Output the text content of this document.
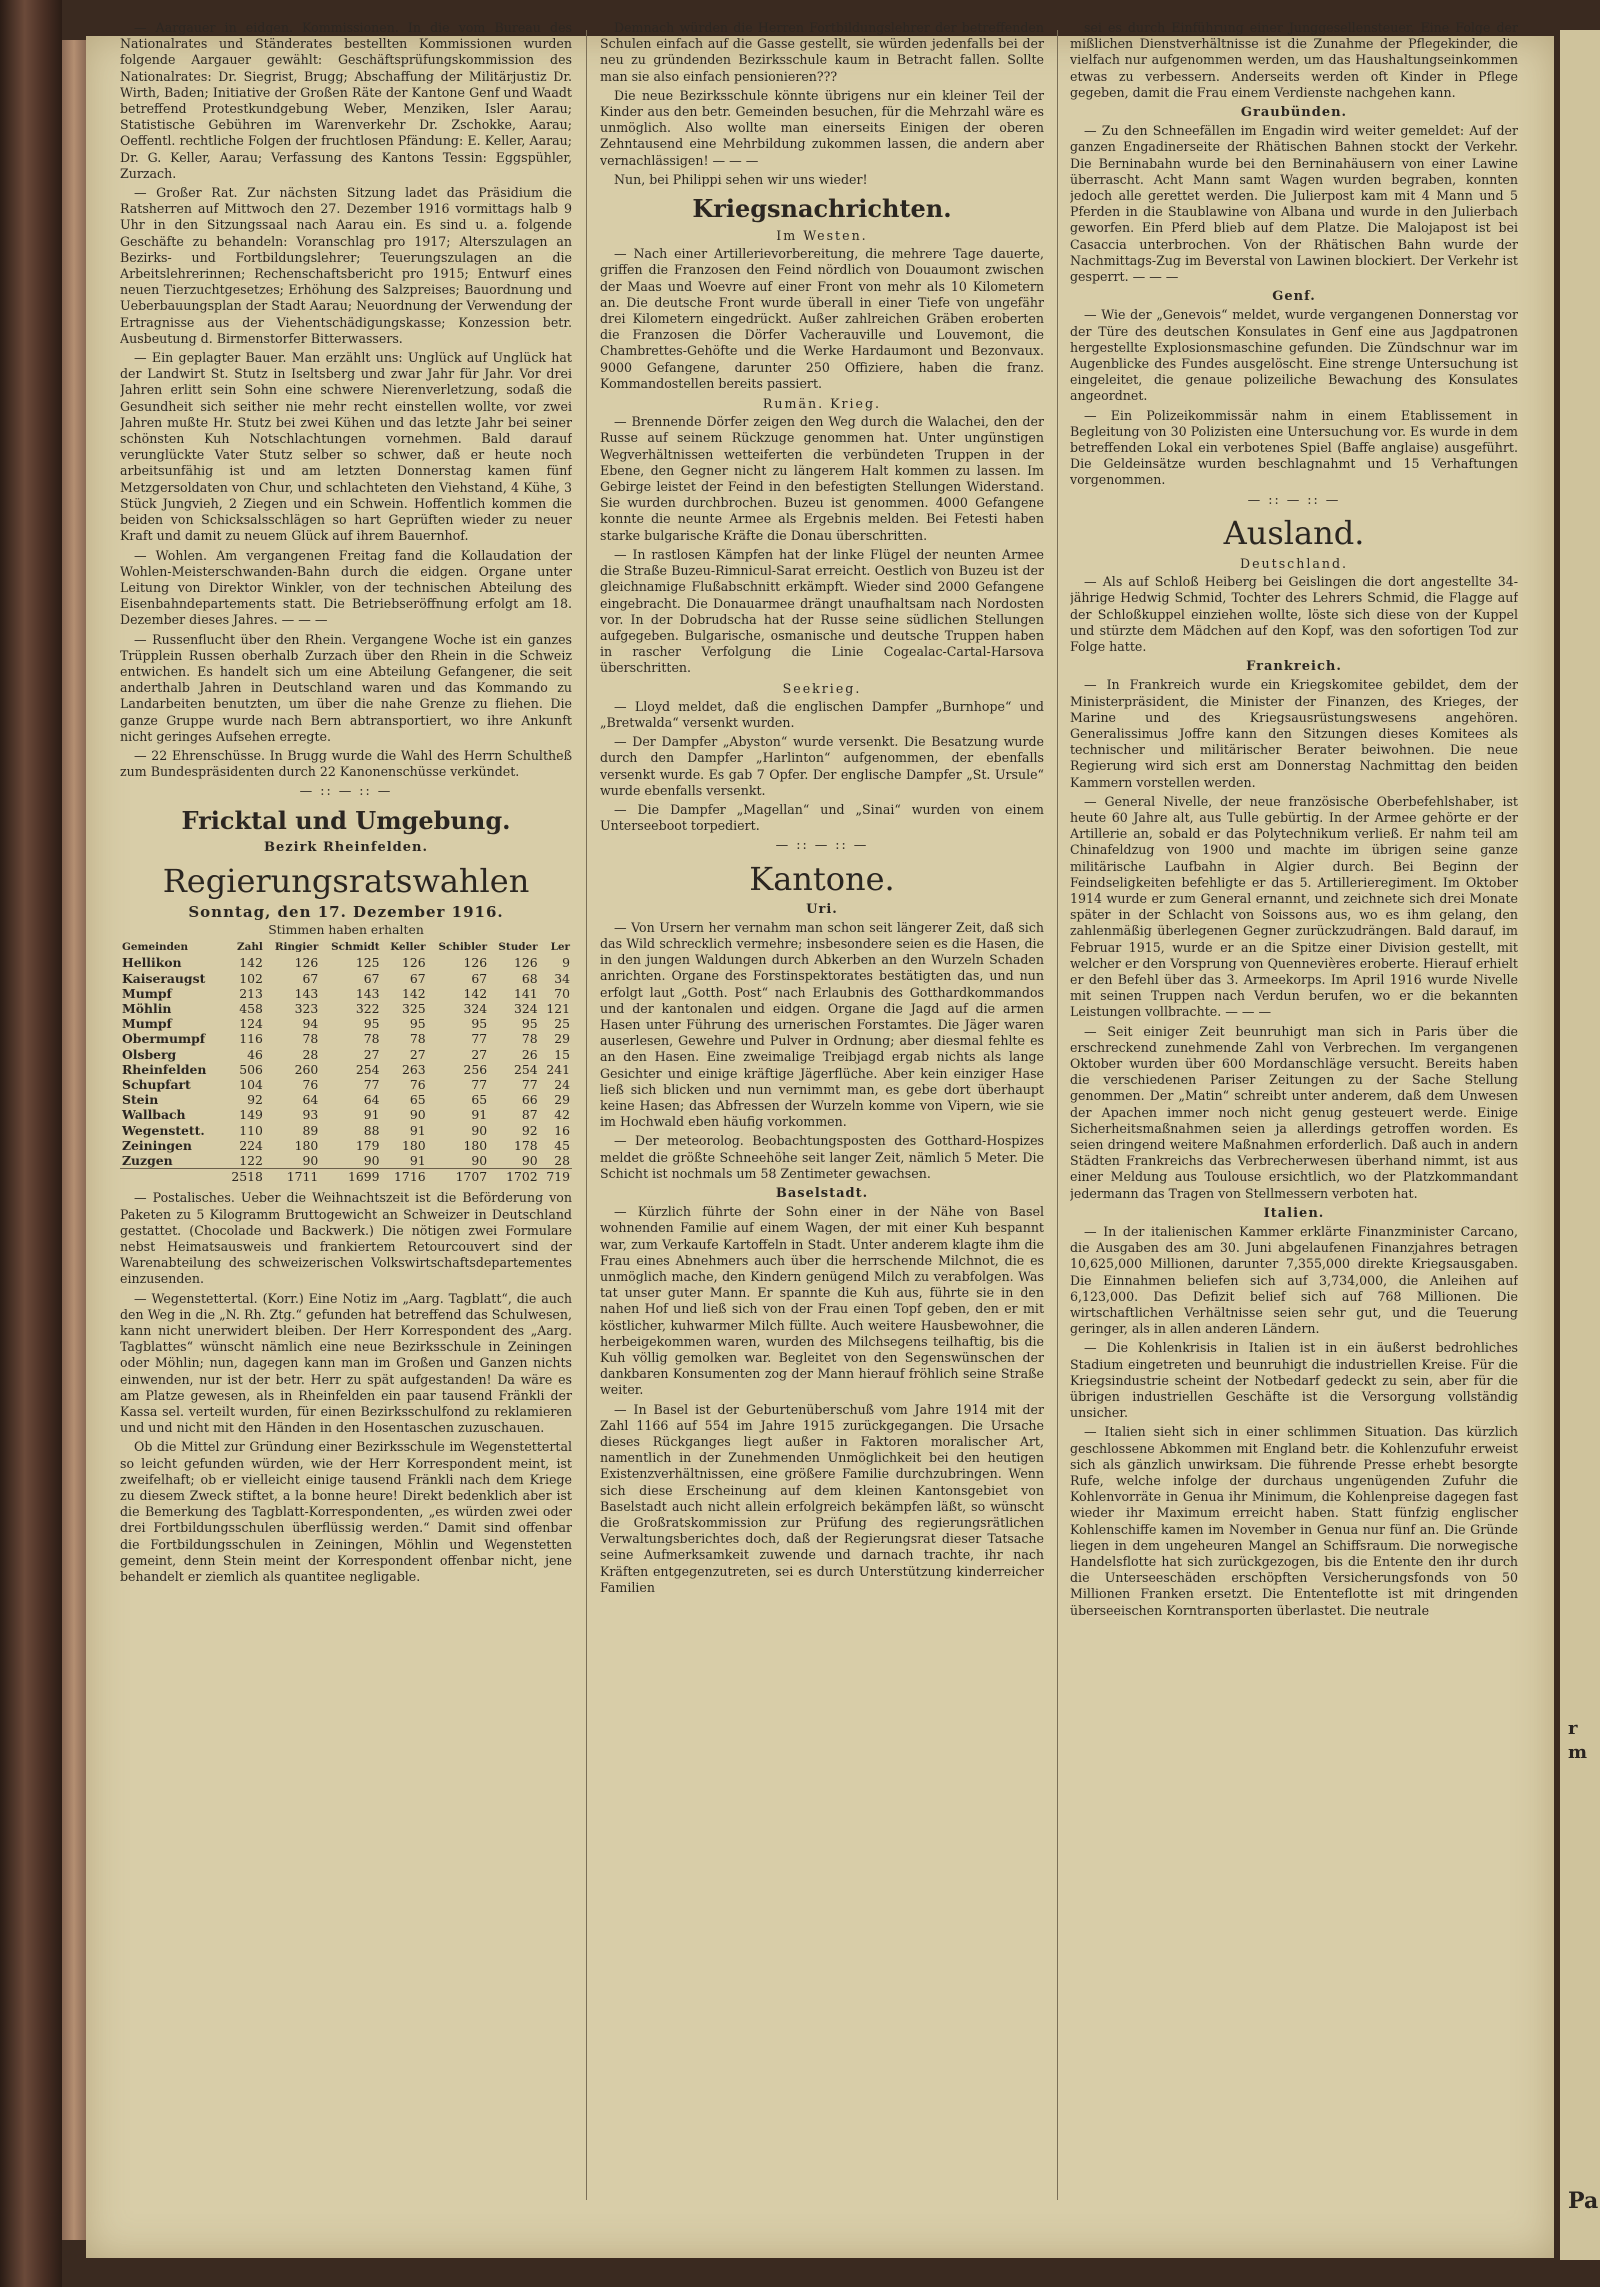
r
m
Pa

— Aargauer in eidgen. Kommissionen. In die vom Bureau des Nationalrates und Ständerates bestellten Kommissionen wurden folgende Aargauer gewählt: Geschäftsprüfungskommission des Nationalrates: Dr. Siegrist, Brugg; Abschaffung der Militärjustiz Dr. Wirth, Baden; Initiative der Großen Räte der Kantone Genf und Waadt betreffend Protestkundgebung Weber, Menziken, Isler Aarau; Statistische Gebühren im Warenverkehr Dr. Zschokke, Aarau; Oeffentl. rechtliche Folgen der fruchtlosen Pfändung: E. Keller, Aarau; Dr. G. Keller, Aarau; Verfassung des Kantons Tessin: Eggspühler, Zurzach.

— Großer Rat. Zur nächsten Sitzung ladet das Präsidium die Ratsherren auf Mittwoch den 27. Dezember 1916 vormittags halb 9 Uhr in den Sitzungssaal nach Aarau ein. Es sind u. a. folgende Geschäfte zu behandeln: Voranschlag pro 1917; Alterszulagen an Bezirks- und Fortbildungslehrer; Teuerungszulagen an die Arbeitslehrerinnen; Rechenschaftsbericht pro 1915; Entwurf eines neuen Tierzuchtgesetzes; Erhöhung des Salzpreises; Bauordnung und Ueberbauungsplan der Stadt Aarau; Neuordnung der Verwendung der Ertragnisse aus der Viehentschädigungskasse; Konzession betr. Ausbeutung d. Birmenstorfer Bitterwassers.

— Ein geplagter Bauer. Man erzählt uns: Unglück auf Unglück hat der Landwirt St. Stutz in Iseltsberg und zwar Jahr für Jahr. Vor drei Jahren erlitt sein Sohn eine schwere Nierenverletzung, sodaß die Gesundheit sich seither nie mehr recht einstellen wollte, vor zwei Jahren mußte Hr. Stutz bei zwei Kühen und das letzte Jahr bei seiner schönsten Kuh Notschlachtungen vornehmen. Bald darauf verunglückte Vater Stutz selber so schwer, daß er heute noch arbeitsunfähig ist und am letzten Donnerstag kamen fünf Metzgersoldaten von Chur, und schlachteten den Viehstand, 4 Kühe, 3 Stück Jungvieh, 2 Ziegen und ein Schwein. Hoffentlich kommen die beiden von Schicksalsschlägen so hart Geprüften wieder zu neuer Kraft und damit zu neuem Glück auf ihrem Bauernhof.

— Wohlen. Am vergangenen Freitag fand die Kollaudation der Wohlen-Meisterschwanden-Bahn durch die eidgen. Organe unter Leitung von Direktor Winkler, von der technischen Abteilung des Eisenbahndepartements statt. Die Betriebseröffnung erfolgt am 18. Dezember dieses Jahres. — — —

— Russenflucht über den Rhein. Vergangene Woche ist ein ganzes Trüpplein Russen oberhalb Zurzach über den Rhein in die Schweiz entwichen. Es handelt sich um eine Abteilung Gefangener, die seit anderthalb Jahren in Deutschland waren und das Kommando zu Landarbeiten benutzten, um über die nahe Grenze zu fliehen. Die ganze Gruppe wurde nach Bern abtransportiert, wo ihre Ankunft nicht geringes Aufsehen erregte.

— 22 Ehrenschüsse. In Brugg wurde die Wahl des Herrn Schultheß zum Bundespräsidenten durch 22 Kanonenschüsse verkündet.

— :: — :: —
Fricktal und Umgebung.
Bezirk Rheinfelden.
Regierungsratswahlen
Sonntag, den 17. Dezember 1916.
Stimmen haben erhalten
Gemeinden	Zahl	Ringier	Schmidt	Keller	Schibler	Studer	Ler
Hellikon	142	126	125	126	126	126	9
Kaiseraugst	102	67	67	67	67	68	34
Mumpf	213	143	143	142	142	141	70
Möhlin	458	323	322	325	324	324	121
Mumpf	124	94	95	95	95	95	25
Obermumpf	116	78	78	78	77	78	29
Olsberg	46	28	27	27	27	26	15
Rheinfelden	506	260	254	263	256	254	241
Schupfart	104	76	77	76	77	77	24
Stein	92	64	64	65	65	66	29
Wallbach	149	93	91	90	91	87	42
Wegenstett.	110	89	88	91	90	92	16
Zeiningen	224	180	179	180	180	178	45
Zuzgen	122	90	90	91	90	90	28
	2518	1711	1699	1716	1707	1702	719

— Postalisches. Ueber die Weihnachtszeit ist die Beförderung von Paketen zu 5 Kilogramm Bruttogewicht an Schweizer in Deutschland gestattet. (Chocolade und Backwerk.) Die nötigen zwei Formulare nebst Heimatsausweis und frankiertem Retourcouvert sind der Warenabteilung des schweizerischen Volkswirtschaftsdepartementes einzusenden.

— Wegenstettertal. (Korr.) Eine Notiz im „Aarg. Tagblatt“, die auch den Weg in die „N. Rh. Ztg.“ gefunden hat betreffend das Schulwesen, kann nicht unerwidert bleiben. Der Herr Korrespondent des „Aarg. Tagblattes“ wünscht nämlich eine neue Bezirksschule in Zeiningen oder Möhlin; nun, dagegen kann man im Großen und Ganzen nichts einwenden, nur ist der betr. Herr zu spät aufgestanden! Da wäre es am Platze gewesen, als in Rheinfelden ein paar tausend Fränkli der Kassa sel. verteilt wurden, für einen Bezirksschulfond zu reklamieren und und nicht mit den Händen in den Hosentaschen zuzuschauen.

Ob die Mittel zur Gründung einer Bezirksschule im Wegenstettertal so leicht gefunden würden, wie der Herr Korrespondent meint, ist zweifelhaft; ob er vielleicht einige tausend Fränkli nach dem Kriege zu diesem Zweck stiftet, a la bonne heure! Direkt bedenklich aber ist die Bemerkung des Tagblatt-Korrespondenten, „es würden zwei oder drei Fortbildungsschulen überflüssig werden.“ Damit sind offenbar die Fortbildungsschulen in Zeiningen, Möhlin und Wegenstetten gemeint, denn Stein meint der Korrespondent offenbar nicht, jene behandelt er ziemlich als quantitee negligable.

Demnach würden die Herren Fortbildungslehrer der betreffenden Schulen einfach auf die Gasse gestellt, sie würden jedenfalls bei der neu zu gründenden Bezirksschule kaum in Betracht fallen. Sollte man sie also einfach pensionieren???

Die neue Bezirksschule könnte übrigens nur ein kleiner Teil der Kinder aus den betr. Gemeinden besuchen, für die Mehrzahl wäre es unmöglich. Also wollte man einerseits Einigen der oberen Zehntausend eine Mehrbildung zukommen lassen, die andern aber vernachlässigen! — — —

Nun, bei Philippi sehen wir uns wieder!

Kriegsnachrichten.
Im Westen.

— Nach einer Artillerievorbereitung, die mehrere Tage dauerte, griffen die Franzosen den Feind nördlich von Douaumont zwischen der Maas und Woevre auf einer Front von mehr als 10 Kilometern an. Die deutsche Front wurde überall in einer Tiefe von ungefähr drei Kilometern eingedrückt. Außer zahlreichen Gräben eroberten die Franzosen die Dörfer Vacherauville und Louvemont, die Chambrettes-Gehöfte und die Werke Hardaumont und Bezonvaux. 9000 Gefangene, darunter 250 Offiziere, haben die franz. Kommandostellen bereits passiert.

Rumän. Krieg.

— Brennende Dörfer zeigen den Weg durch die Walachei, den der Russe auf seinem Rückzuge genommen hat. Unter ungünstigen Wegverhältnissen wetteiferten die verbündeten Truppen in der Ebene, den Gegner nicht zu längerem Halt kommen zu lassen. Im Gebirge leistet der Feind in den befestigten Stellungen Widerstand. Sie wurden durchbrochen. Buzeu ist genommen. 4000 Gefangene konnte die neunte Armee als Ergebnis melden. Bei Fetesti haben starke bulgarische Kräfte die Donau überschritten.

— In rastlosen Kämpfen hat der linke Flügel der neunten Armee die Straße Buzeu-Rimnicul-Sarat erreicht. Oestlich von Buzeu ist der gleichnamige Flußabschnitt erkämpft. Wieder sind 2000 Gefangene eingebracht. Die Donauarmee drängt unaufhaltsam nach Nordosten vor. In der Dobrudscha hat der Russe seine südlichen Stellungen aufgegeben. Bulgarische, osmanische und deutsche Truppen haben in rascher Verfolgung die Linie Cogealac-Cartal-Harsova überschritten.

Seekrieg.

— Lloyd meldet, daß die englischen Dampfer „Burnhope“ und „Bretwalda“ versenkt wurden.

— Der Dampfer „Abyston“ wurde versenkt. Die Besatzung wurde durch den Dampfer „Harlinton“ aufgenommen, der ebenfalls versenkt wurde. Es gab 7 Opfer. Der englische Dampfer „St. Ursule“ wurde ebenfalls versenkt.

— Die Dampfer „Magellan“ und „Sinai“ wurden von einem Unterseeboot torpediert.

— :: — :: —
Kantone.
Uri.

— Von Ursern her vernahm man schon seit längerer Zeit, daß sich das Wild schrecklich vermehre; insbesondere seien es die Hasen, die in den jungen Waldungen durch Abkerben an den Wurzeln Schaden anrichten. Organe des Forstinspektorates bestätigten das, und nun erfolgt laut „Gotth. Post“ nach Erlaubnis des Gotthardkommandos und der kantonalen und eidgen. Organe die Jagd auf die armen Hasen unter Führung des urnerischen Forstamtes. Die Jäger waren auserlesen, Gewehre und Pulver in Ordnung; aber diesmal fehlte es an den Hasen. Eine zweimalige Treibjagd ergab nichts als lange Gesichter und einige kräftige Jägerflüche. Aber kein einziger Hase ließ sich blicken und nun vernimmt man, es gebe dort überhaupt keine Hasen; das Abfressen der Wurzeln komme von Vipern, wie sie im Hochwald eben häufig vorkommen.

— Der meteorolog. Beobachtungsposten des Gotthard-Hospizes meldet die größte Schneehöhe seit langer Zeit, nämlich 5 Meter. Die Schicht ist nochmals um 58 Zentimeter gewachsen.

Baselstadt.

— Kürzlich führte der Sohn einer in der Nähe von Basel wohnenden Familie auf einem Wagen, der mit einer Kuh bespannt war, zum Verkaufe Kartoffeln in Stadt. Unter anderem klagte ihm die Frau eines Abnehmers auch über die herrschende Milchnot, die es unmöglich mache, den Kindern genügend Milch zu verabfolgen. Was tat unser guter Mann. Er spannte die Kuh aus, führte sie in den nahen Hof und ließ sich von der Frau einen Topf geben, den er mit köstlicher, kuhwarmer Milch füllte. Auch weitere Hausbewohner, die herbeigekommen waren, wurden des Milchsegens teilhaftig, bis die Kuh völlig gemolken war. Begleitet von den Segenswünschen der dankbaren Konsumenten zog der Mann hierauf fröhlich seine Straße weiter.

— In Basel ist der Geburtenüberschuß vom Jahre 1914 mit der Zahl 1166 auf 554 im Jahre 1915 zurückgegangen. Die Ursache dieses Rückganges liegt außer in Faktoren moralischer Art, namentlich in der Zunehmenden Unmöglichkeit bei den heutigen Existenzverhältnissen, eine größere Familie durchzubringen. Wenn sich diese Erscheinung auf dem kleinen Kantonsgebiet von Baselstadt auch nicht allein erfolgreich bekämpfen läßt, so wünscht die Großratskommission zur Prüfung des regierungsrätlichen Verwaltungsberichtes doch, daß der Regierungsrat dieser Tatsache seine Aufmerksamkeit zuwende und darnach trachte, ihr nach Kräften entgegenzutreten, sei es durch Unterstützung kinderreicher Familien

sei es durch Einführung einer Junggesellensteuer. Eine Folge der mißlichen Dienstverhältnisse ist die Zunahme der Pflegekinder, die vielfach nur aufgenommen werden, um das Haushaltungseinkommen etwas zu verbessern. Anderseits werden oft Kinder in Pflege gegeben, damit die Frau einem Verdienste nachgehen kann.

Graubünden.

— Zu den Schneefällen im Engadin wird weiter gemeldet: Auf der ganzen Engadinerseite der Rhätischen Bahnen stockt der Verkehr. Die Berninabahn wurde bei den Berninahäusern von einer Lawine überrascht. Acht Mann samt Wagen wurden begraben, konnten jedoch alle gerettet werden. Die Julierpost kam mit 4 Mann und 5 Pferden in die Staublawine von Albana und wurde in den Julierbach geworfen. Ein Pferd blieb auf dem Platze. Die Malojapost ist bei Casaccia unterbrochen. Von der Rhätischen Bahn wurde der Nachmittags-Zug im Beverstal von Lawinen blockiert. Der Verkehr ist gesperrt. — — —

Genf.

— Wie der „Genevois“ meldet, wurde vergangenen Donnerstag vor der Türe des deutschen Konsulates in Genf eine aus Jagdpatronen hergestellte Explosionsmaschine gefunden. Die Zündschnur war im Augenblicke des Fundes ausgelöscht. Eine strenge Untersuchung ist eingeleitet, die genaue polizeiliche Bewachung des Konsulates angeordnet.

— Ein Polizeikommissär nahm in einem Etablissement in Begleitung von 30 Polizisten eine Untersuchung vor. Es wurde in dem betreffenden Lokal ein verbotenes Spiel (Baffe anglaise) ausgeführt. Die Geldeinsätze wurden beschlagnahmt und 15 Verhaftungen vorgenommen.

— :: — :: —
Ausland.
Deutschland.

— Als auf Schloß Heiberg bei Geislingen die dort angestellte 34-jährige Hedwig Schmid, Tochter des Lehrers Schmid, die Flagge auf der Schloßkuppel einziehen wollte, löste sich diese von der Kuppel und stürzte dem Mädchen auf den Kopf, was den sofortigen Tod zur Folge hatte.

Frankreich.

— In Frankreich wurde ein Kriegskomitee gebildet, dem der Ministerpräsident, die Minister der Finanzen, des Krieges, der Marine und des Kriegsausrüstungswesens angehören. Generalissimus Joffre kann den Sitzungen dieses Komitees als technischer und militärischer Berater beiwohnen. Die neue Regierung wird sich erst am Donnerstag Nachmittag den beiden Kammern vorstellen werden.

— General Nivelle, der neue französische Oberbefehlshaber, ist heute 60 Jahre alt, aus Tulle gebürtig. In der Armee gehörte er der Artillerie an, sobald er das Polytechnikum verließ. Er nahm teil am Chinafeldzug von 1900 und machte im übrigen seine ganze militärische Laufbahn in Algier durch. Bei Beginn der Feindseligkeiten befehligte er das 5. Artillerieregiment. Im Oktober 1914 wurde er zum General ernannt, und zeichnete sich drei Monate später in der Schlacht von Soissons aus, wo es ihm gelang, den zahlenmäßig überlegenen Gegner zurückzudrängen. Bald darauf, im Februar 1915, wurde er an die Spitze einer Division gestellt, mit welcher er den Vorsprung von Quennevières eroberte. Hierauf erhielt er den Befehl über das 3. Armeekorps. Im April 1916 wurde Nivelle mit seinen Truppen nach Verdun berufen, wo er die bekannten Leistungen vollbrachte. — — —

— Seit einiger Zeit beunruhigt man sich in Paris über die erschreckend zunehmende Zahl von Verbrechen. Im vergangenen Oktober wurden über 600 Mordanschläge versucht. Bereits haben die verschiedenen Pariser Zeitungen zu der Sache Stellung genommen. Der „Matin“ schreibt unter anderem, daß dem Unwesen der Apachen immer noch nicht genug gesteuert werde. Einige Sicherheitsmaßnahmen seien ja allerdings getroffen worden. Es seien dringend weitere Maßnahmen erforderlich. Daß auch in andern Städten Frankreichs das Verbrecherwesen überhand nimmt, ist aus einer Meldung aus Toulouse ersichtlich, wo der Platzkommandant jedermann das Tragen von Stellmessern verboten hat.

Italien.

— In der italienischen Kammer erklärte Finanzminister Carcano, die Ausgaben des am 30. Juni abgelaufenen Finanzjahres betragen 10,625,000 Millionen, darunter 7,355,000 direkte Kriegsausgaben. Die Einnahmen beliefen sich auf 3,734,000, die Anleihen auf 6,123,000. Das Defizit belief sich auf 768 Millionen. Die wirtschaftlichen Verhältnisse seien sehr gut, und die Teuerung geringer, als in allen anderen Ländern.

— Die Kohlenkrisis in Italien ist in ein äußerst bedrohliches Stadium eingetreten und beunruhigt die industriellen Kreise. Für die Kriegsindustrie scheint der Notbedarf gedeckt zu sein, aber für die übrigen industriellen Geschäfte ist die Versorgung vollständig unsicher.

— Italien sieht sich in einer schlimmen Situation. Das kürzlich geschlossene Abkommen mit England betr. die Kohlenzufuhr erweist sich als gänzlich unwirksam. Die führende Presse erhebt besorgte Rufe, welche infolge der durchaus ungenügenden Zufuhr die Kohlenvorräte in Genua ihr Minimum, die Kohlenpreise dagegen fast wieder ihr Maximum erreicht haben. Statt fünfzig englischer Kohlenschiffe kamen im November in Genua nur fünf an. Die Gründe liegen in dem ungeheuren Mangel an Schiffsraum. Die norwegische Handelsflotte hat sich zurückgezogen, bis die Entente den ihr durch die Unterseeschäden erschöpften Versicherungsfonds von 50 Millionen Franken ersetzt. Die Ententeflotte ist mit dringenden überseeischen Korntransporten überlastet. Die neutrale
